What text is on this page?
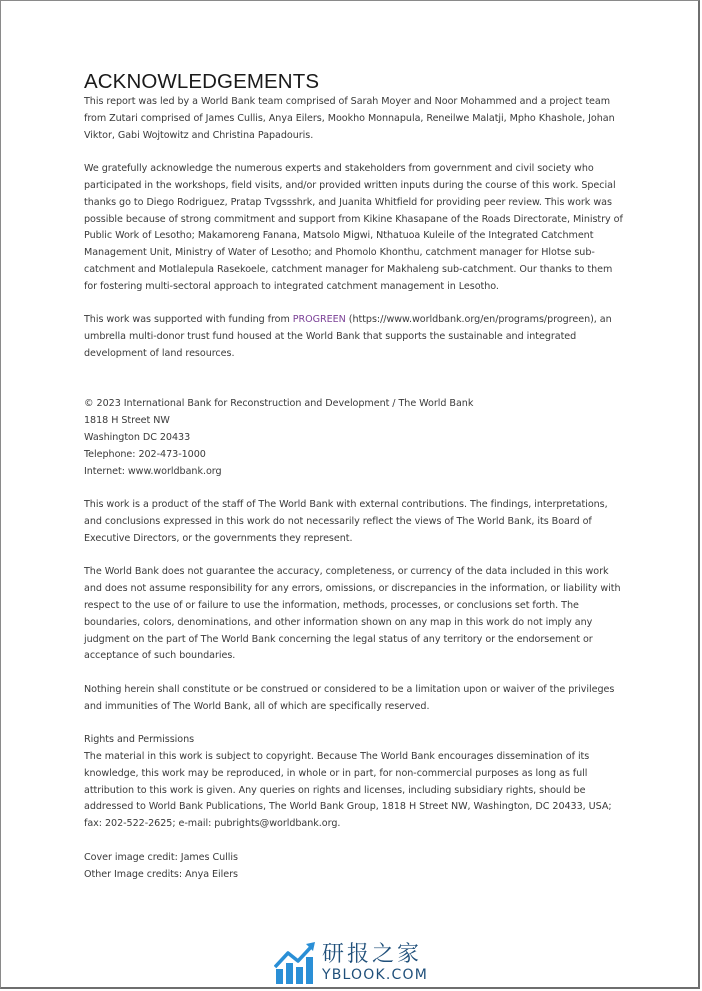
ACKNOWLEDGEMENTS

This report was led by a World Bank team comprised of Sarah Moyer and Noor Mohammed and a project team from Zutari comprised of James Cullis, Anya Eilers, Mookho Monnapula, Reneilwe Malatji, Mpho Khashole, Johan Viktor, Gabi Wojtowitz and Christina Papadouris.

We gratefully acknowledge the numerous experts and stakeholders from government and civil society who participated in the workshops, field visits, and/or provided written inputs during the course of this work. Special thanks go to Diego Rodriguez, Pratap Tvgssshrk, and Juanita Whitfield for providing peer review. This work was possible because of strong commitment and support from Kikine Khasapane of the Roads Directorate, Ministry of Public Work of Lesotho; Makamoreng Fanana, Matsolo Migwi, Nthatuoa Kuleile of the Integrated Catchment Management Unit, Ministry of Water of Lesotho; and Phomolo Khonthu, catchment manager for Hlotse sub-catchment and Motlalepula Rasekoele, catchment manager for Makhaleng sub-catchment. Our thanks to them for fostering multi-sectoral approach to integrated catchment management in Lesotho.

This work was supported with funding from PROGREEN (https://www.worldbank.org/en/programs/progreen), an umbrella multi-donor trust fund housed at the World Bank that supports the sustainable and integrated development of land resources.

© 2023 International Bank for Reconstruction and Development / The World Bank

1818 H Street NW

Washington DC 20433

Telephone: 202-473-1000

Internet: www.worldbank.org

This work is a product of the staff of The World Bank with external contributions. The findings, interpretations, and conclusions expressed in this work do not necessarily reflect the views of The World Bank, its Board of Executive Directors, or the governments they represent.

The World Bank does not guarantee the accuracy, completeness, or currency of the data included in this work and does not assume responsibility for any errors, omissions, or discrepancies in the information, or liability with respect to the use of or failure to use the information, methods, processes, or conclusions set forth. The boundaries, colors, denominations, and other information shown on any map in this work do not imply any judgment on the part of The World Bank concerning the legal status of any territory or the endorsement or acceptance of such boundaries.

Nothing herein shall constitute or be construed or considered to be a limitation upon or waiver of the privileges and immunities of The World Bank, all of which are specifically reserved.

Rights and Permissions

The material in this work is subject to copyright. Because The World Bank encourages dissemination of its knowledge, this work may be reproduced, in whole or in part, for non-commercial purposes as long as full attribution to this work is given. Any queries on rights and licenses, including subsidiary rights, should be addressed to World Bank Publications, The World Bank Group, 1818 H Street NW, Washington, DC 20433, USA; fax: 202-522-2625; e-mail: pubrights@worldbank.org.

Cover image credit: James Cullis

Other Image credits: Anya Eilers

研报之家
YBLOOK.COM
